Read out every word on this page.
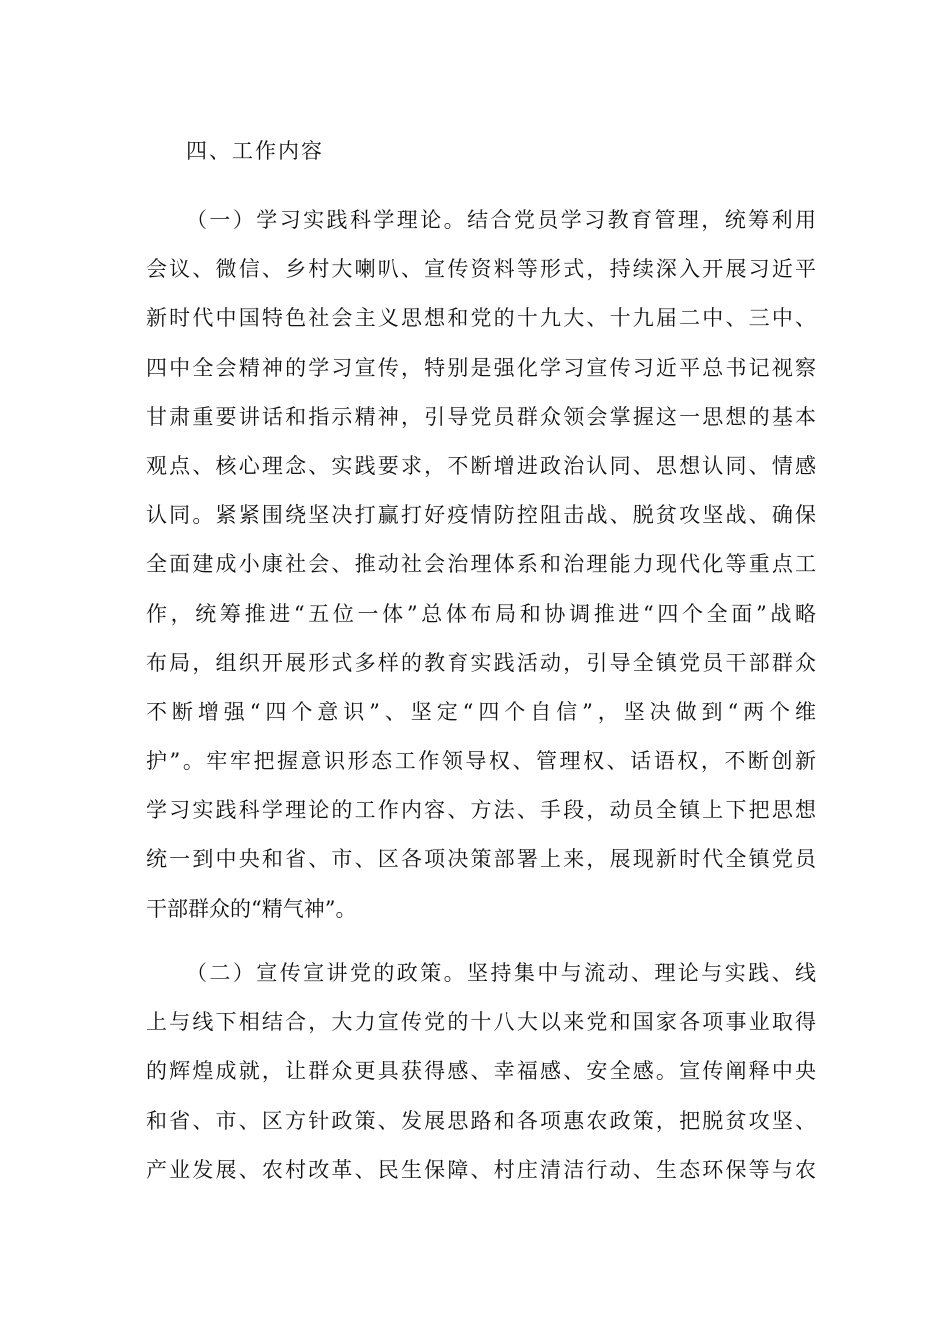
四、工作内容
（一）学习实践科学理论。结合党员学习教育管理，统筹利用
会议、微信、乡村大喇叭、宣传资料等形式，持续深入开展习近平
新时代中国特色社会主义思想和党的十九大、十九届二中、三中、
四中全会精神的学习宣传，特别是强化学习宣传习近平总书记视察
甘肃重要讲话和指示精神，引导党员群众领会掌握这一思想的基本
观点、核心理念、实践要求，不断增进政治认同、思想认同、情感
认同。紧紧围绕坚决打赢打好疫情防控阻击战、脱贫攻坚战、确保
全面建成小康社会、推动社会治理体系和治理能力现代化等重点工
作，统筹推进“五位一体”总体布局和协调推进“四个全面”战略
布局，组织开展形式多样的教育实践活动，引导全镇党员干部群众
不断增强“四个意识”、坚定“四个自信”，坚决做到“两个维
护”。牢牢把握意识形态工作领导权、管理权、话语权，不断创新
学习实践科学理论的工作内容、方法、手段，动员全镇上下把思想
统一到中央和省、市、区各项决策部署上来，展现新时代全镇党员
干部群众的“精气神”。
（二）宣传宣讲党的政策。坚持集中与流动、理论与实践、线
上与线下相结合，大力宣传党的十八大以来党和国家各项事业取得
的辉煌成就，让群众更具获得感、幸福感、安全感。宣传阐释中央
和省、市、区方针政策、发展思路和各项惠农政策，把脱贫攻坚、
产业发展、农村改革、民生保障、村庄清洁行动、生态环保等与农
